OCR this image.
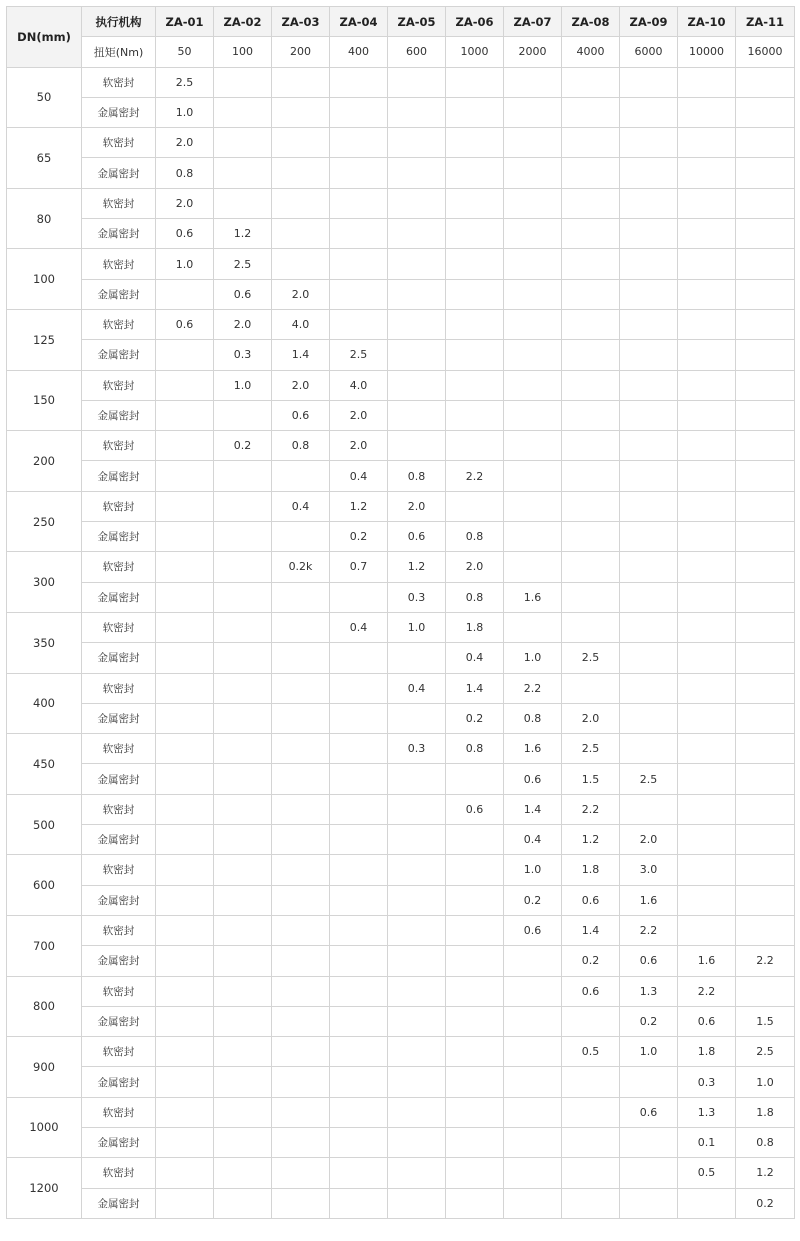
DN(mm)	执行机构	ZA-01	ZA-02	ZA-03	ZA-04	ZA-05	ZA-06	ZA-07	ZA-08	ZA-09	ZA-10	ZA-11
	扭矩(Nm)	50	100	200	400	600	1000	2000	4000	6000	10000	16000
50	软密封	2.5										
	金属密封	1.0										
65	软密封	2.0										
	金属密封	0.8										
80	软密封	2.0										
	金属密封	0.6	1.2									
100	软密封	1.0	2.5									
	金属密封		0.6	2.0								
125	软密封	0.6	2.0	4.0								
	金属密封		0.3	1.4	2.5							
150	软密封		1.0	2.0	4.0							
	金属密封			0.6	2.0							
200	软密封		0.2	0.8	2.0							
	金属密封				0.4	0.8	2.2					
250	软密封			0.4	1.2	2.0						
	金属密封				0.2	0.6	0.8					
300	软密封			0.2k	0.7	1.2	2.0					
	金属密封					0.3	0.8	1.6				
350	软密封				0.4	1.0	1.8					
	金属密封						0.4	1.0	2.5			
400	软密封					0.4	1.4	2.2				
	金属密封						0.2	0.8	2.0			
450	软密封					0.3	0.8	1.6	2.5			
	金属密封							0.6	1.5	2.5		
500	软密封						0.6	1.4	2.2			
	金属密封							0.4	1.2	2.0		
600	软密封							1.0	1.8	3.0		
	金属密封							0.2	0.6	1.6		
700	软密封							0.6	1.4	2.2		
	金属密封								0.2	0.6	1.6	2.2
800	软密封								0.6	1.3	2.2	
	金属密封									0.2	0.6	1.5
900	软密封								0.5	1.0	1.8	2.5
	金属密封										0.3	1.0
1000	软密封									0.6	1.3	1.8
	金属密封										0.1	0.8
1200	软密封										0.5	1.2
	金属密封											0.2
